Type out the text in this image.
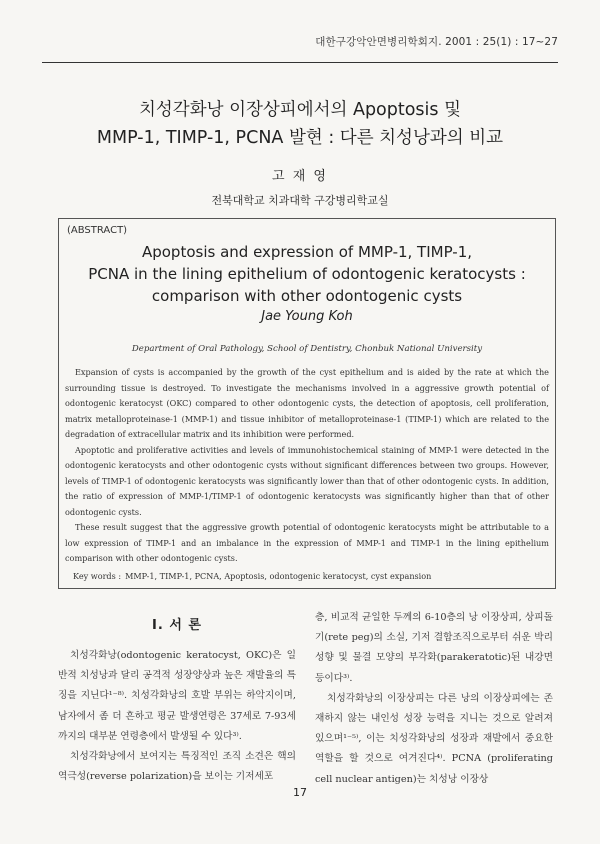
대한구강악안면병리학회지. 2001 : 25(1) : 17~27
치성각화낭 이장상피에서의 Apoptosis 및
MMP-1, TIMP-1, PCNA 발현 : 다른 치성낭과의 비교
고 재 영
전북대학교 치과대학 구강병리학교실
(ABSTRACT)
Apoptosis and expression of MMP-1, TIMP-1,
PCNA in the lining epithelium of odontogenic keratocysts :
comparison with other odontogenic cysts
Jae Young Koh
Department of Oral Pathology, School of Dentistry, Chonbuk National University

Expansion of cysts is accompanied by the growth of the cyst epithelium and is aided by the rate at which the surrounding tissue is destroyed. To investigate the mechanisms involved in a aggressive growth potential of odontogenic keratocyst (OKC) compared to other odontogenic cysts, the detection of apoptosis, cell proliferation, matrix metalloproteinase-1 (MMP-1) and tissue inhibitor of metalloproteinase-1 (TIMP-1) which are related to the degradation of extracellular matrix and its inhibition were performed.

Apoptotic and proliferative activities and levels of immunohistochemical staining of MMP-1 were detected in the odontogenic keratocysts and other odontogenic cysts without significant differences between two groups. However, levels of TIMP-1 of odontogenic keratocysts was significantly lower than that of other odontogenic cysts. In addition, the ratio of expression of MMP-1/TIMP-1 of odontogenic keratocysts was significantly higher than that of other odontogenic cysts.

These result suggest that the aggressive growth potential of odontogenic keratocysts might be attributable to a low expression of TIMP-1 and an imbalance in the expression of MMP-1 and TIMP-1 in the lining epithelium comparison with other odontogenic cysts.

Key words : MMP-1, TIMP-1, PCNA, Apoptosis, odontogenic keratocyst, cyst expansion
I. 서 론

치성각화낭(odontogenic keratocyst, OKC)은 일반적 치성낭과 달리 공격적 성장양상과 높은 재발율의 특징을 지닌다¹⁻⁸⁾. 치성각화낭의 호발 부위는 하악지이며, 남자에서 좀 더 흔하고 평균 발생연령은 37세로 7-93세까지의 대부분 연령층에서 발생될 수 있다³⁾.

치성각화낭에서 보여지는 특징적인 조직 소견은 핵의 역극성(reverse polarization)을 보이는 기저세포

층, 비교적 균일한 두께의 6-10층의 낭 이장상피, 상피돌기(rete peg)의 소실, 기저 결합조직으로부터 쉬운 박리 성향 및 물결 모양의 부각화(parakeratotic)된 내강면 등이다³⁾.

치성각화낭의 이장상피는 다른 낭의 이장상피에는 존재하지 않는 내인성 성장 능력을 지니는 것으로 알려져 있으며¹⁻⁵⁾, 이는 치성각화낭의 성장과 재발에서 중요한 역할을 할 것으로 여겨진다⁴⁾. PCNA (proliferating cell nuclear antigen)는 치성낭 이장상

17
